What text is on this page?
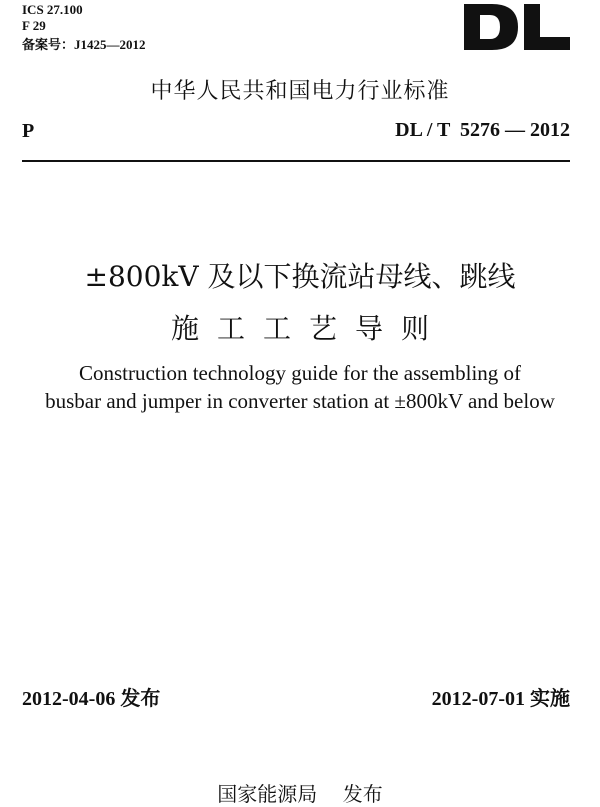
ICS 27.100
F 29
备案号：J1425—2012
中华人民共和国电力行业标准
P	DL / T  5276 — 2012
±800kV 及以下换流站母线、跳线
施工工艺导则
Construction technology guide for the assembling of
busbar and jumper in converter station at ±800kV and below
2012-04-06 发布	2012-07-01 实施
国家能源局    发布
